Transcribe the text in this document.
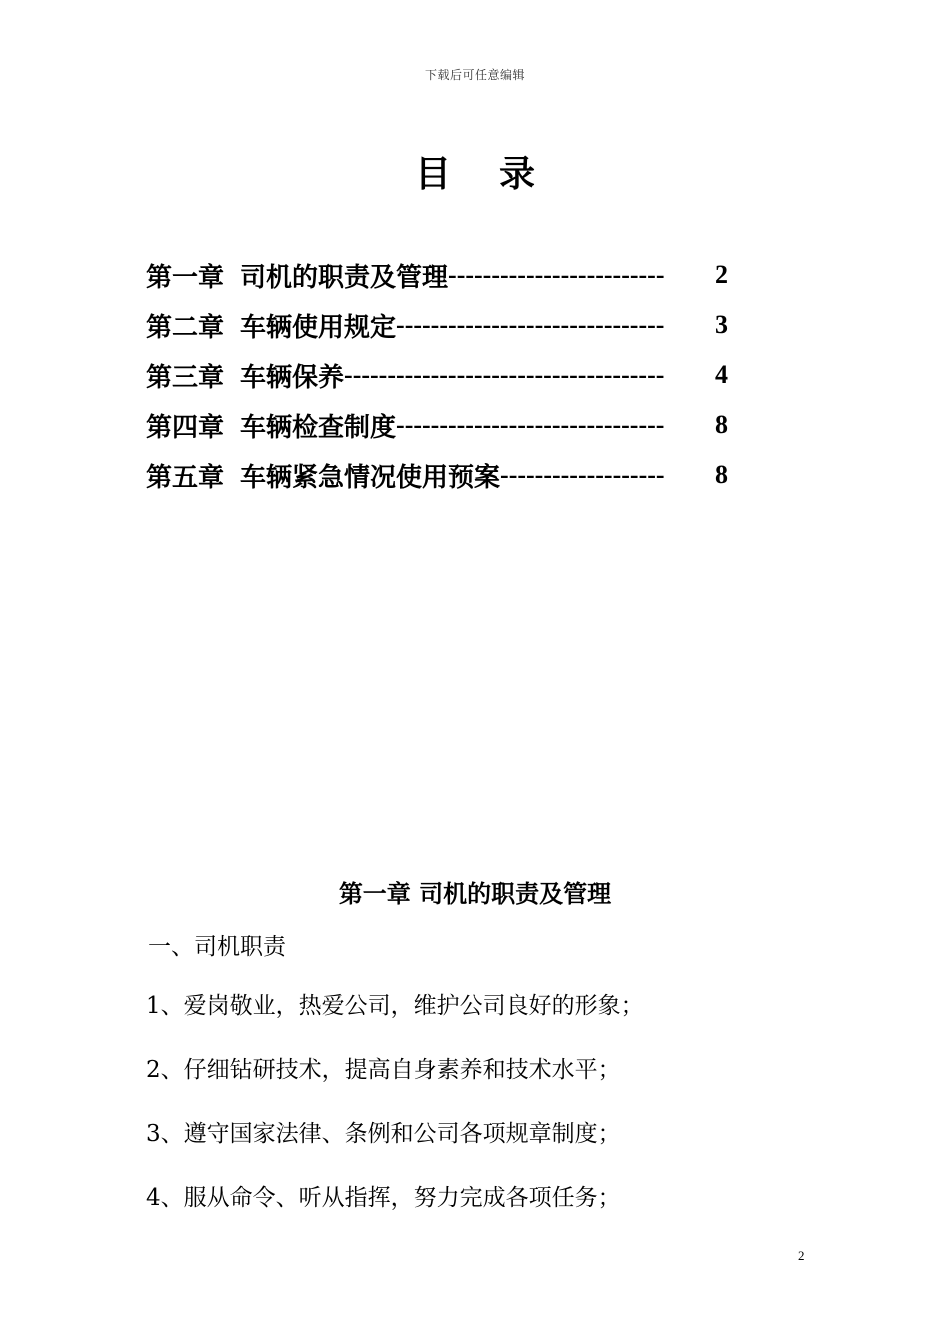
下载后可任意编辑
目录
第一章 司机的职责及管理 -------------------------	2
第二章 车辆使用规定 -------------------------------	3
第三章 车辆保养 -------------------------------------	4
第四章 车辆检查制度 -------------------------------	8
第五章 车辆紧急情况使用预案 -------------------	8
第一章 司机的职责及管理
一、司机职责
1、爱岗敬业，热爱公司，维护公司良好的形象；
2、仔细钻研技术，提高自身素养和技术水平；
3、遵守国家法律、条例和公司各项规章制度；
4、服从命令、听从指挥，努力完成各项任务；
2
